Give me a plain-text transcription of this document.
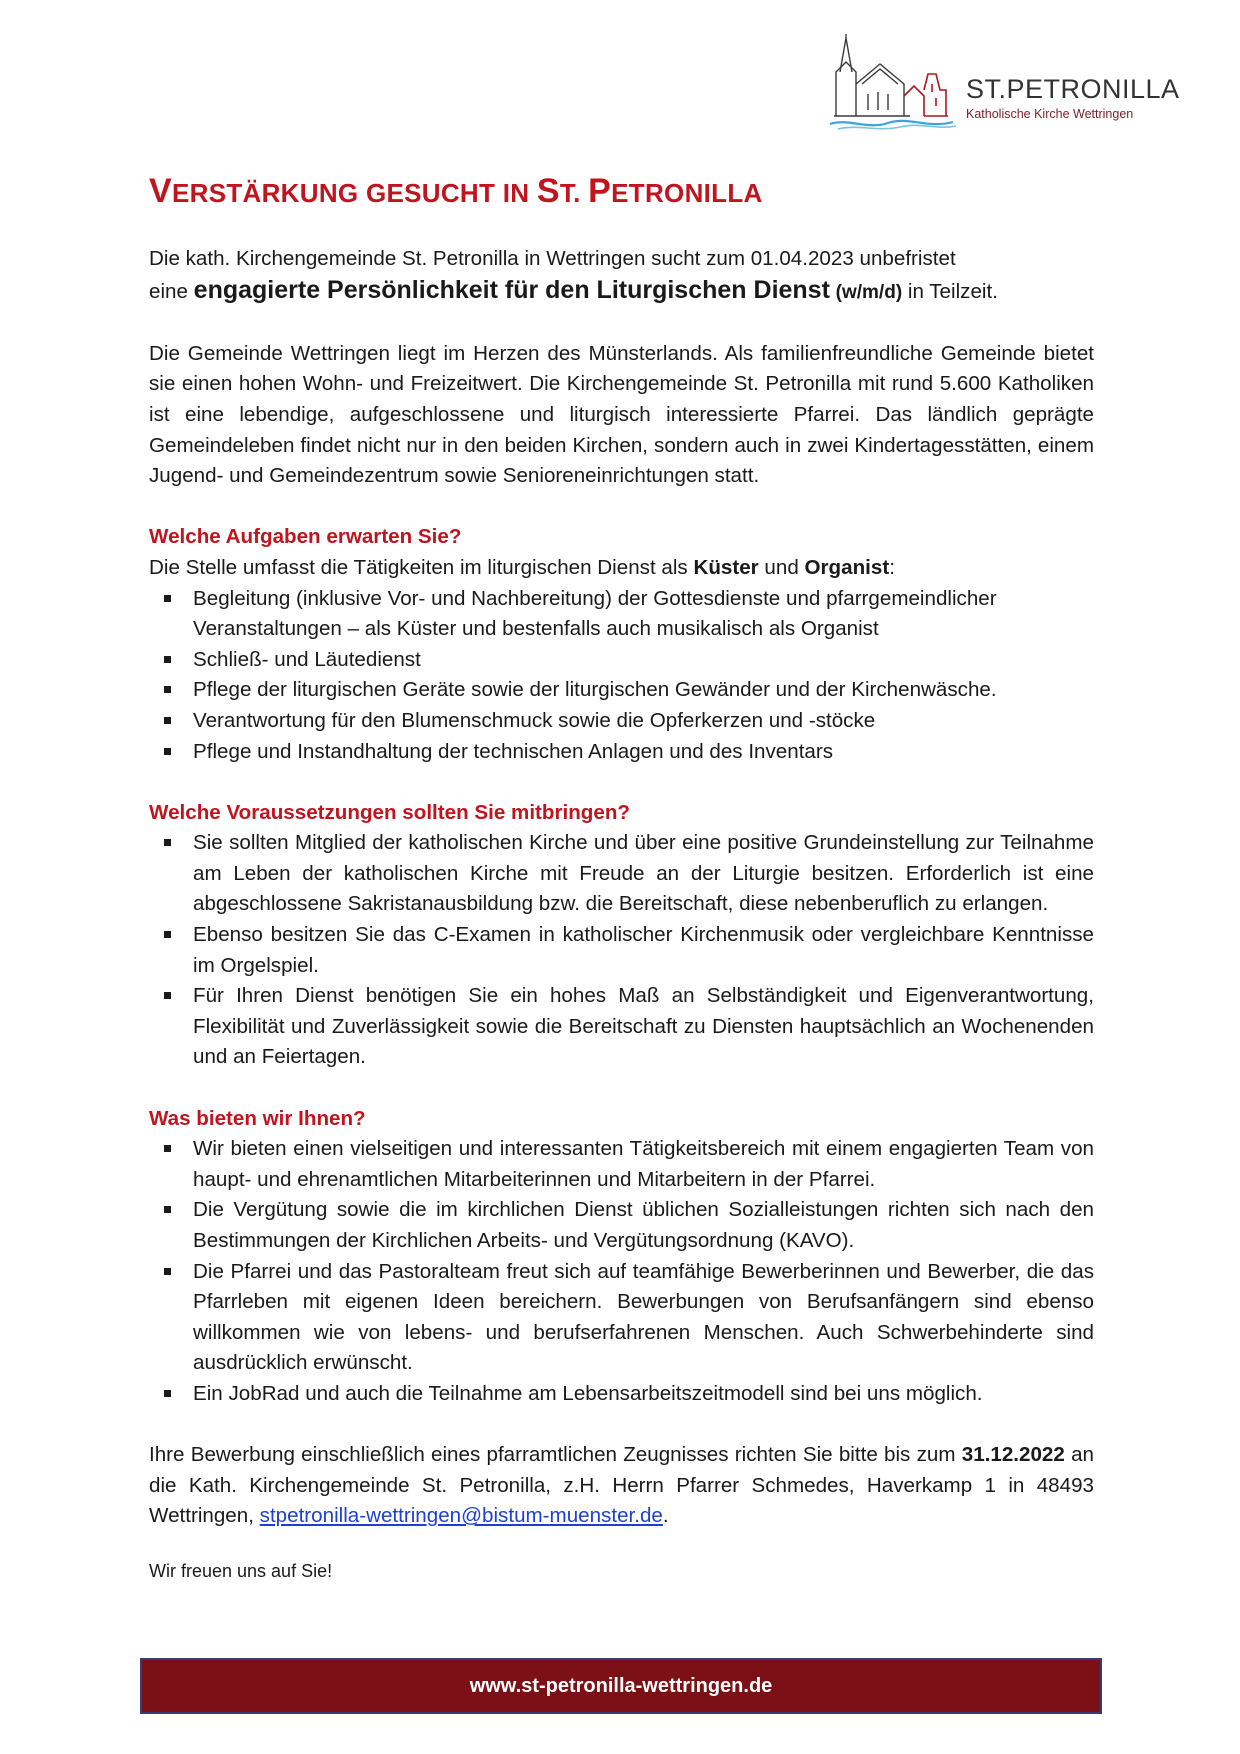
ST.PETRONILLA
Katholische Kirche Wettringen
VERSTÄRKUNG GESUCHT IN ST. PETRONILLA

Die kath. Kirchengemeinde St. Petronilla in Wettringen sucht zum 01.04.2023 unbefristet

eine engagierte Persönlichkeit für den Liturgischen Dienst (w/m/d) in Teilzeit.

Die Gemeinde Wettringen liegt im Herzen des Münsterlands. Als familienfreundliche Gemeinde bietet sie einen hohen Wohn- und Freizeitwert. Die Kirchengemeinde St. Petronilla mit rund 5.600 Katholiken ist eine lebendige, aufgeschlossene und liturgisch interessierte Pfarrei. Das ländlich geprägte Gemeindeleben findet nicht nur in den beiden Kirchen, sondern auch in zwei Kindertagesstätten, einem Jugend- und Gemeindezentrum sowie Senioreneinrichtungen statt.

Welche Aufgaben erwarten Sie?

Die Stelle umfasst die Tätigkeiten im liturgischen Dienst als Küster und Organist:

Begleitung (inklusive Vor- und Nachbereitung) der Gottesdienste und pfarrgemeindlicher Veranstaltungen – als Küster und bestenfalls auch musikalisch als Organist
Schließ- und Läutedienst
Pflege der liturgischen Geräte sowie der liturgischen Gewänder und der Kirchenwäsche.
Verantwortung für den Blumenschmuck sowie die Opferkerzen und -stöcke
Pflege und Instandhaltung der technischen Anlagen und des Inventars
Welche Voraussetzungen sollten Sie mitbringen?
Sie sollten Mitglied der katholischen Kirche und über eine positive Grundeinstellung zur Teilnahme am Leben der katholischen Kirche mit Freude an der Liturgie besitzen. Erforderlich ist eine abgeschlossene Sakristanausbildung bzw. die Bereitschaft, diese nebenberuflich zu erlangen.
Ebenso besitzen Sie das C-Examen in katholischer Kirchenmusik oder vergleichbare Kenntnisse im Orgelspiel.
Für Ihren Dienst benötigen Sie ein hohes Maß an Selbständigkeit und Eigenverantwortung, Flexibilität und Zuverlässigkeit sowie die Bereitschaft zu Diensten hauptsächlich an Wochenenden und an Feiertagen.
Was bieten wir Ihnen?
Wir bieten einen vielseitigen und interessanten Tätigkeitsbereich mit einem engagierten Team von haupt- und ehrenamtlichen Mitarbeiterinnen und Mitarbeitern in der Pfarrei.
Die Vergütung sowie die im kirchlichen Dienst üblichen Sozialleistungen richten sich nach den Bestimmungen der Kirchlichen Arbeits- und Vergütungsordnung (KAVO).
Die Pfarrei und das Pastoralteam freut sich auf teamfähige Bewerberinnen und Bewerber, die das Pfarrleben mit eigenen Ideen bereichern. Bewerbungen von Berufsanfängern sind ebenso willkommen wie von lebens- und berufserfahrenen Menschen. Auch Schwerbehinderte sind ausdrücklich erwünscht.
Ein JobRad und auch die Teilnahme am Lebensarbeitszeitmodell sind bei uns möglich.

Ihre Bewerbung einschließlich eines pfarramtlichen Zeugnisses richten Sie bitte bis zum 31.12.2022 an die Kath. Kirchengemeinde St. Petronilla, z.H. Herrn Pfarrer Schmedes, Haverkamp 1 in 48493 Wettringen, stpetronilla-wettringen@bistum-muenster.de.

Wir freuen uns auf Sie!

www.st-petronilla-wettringen.de
